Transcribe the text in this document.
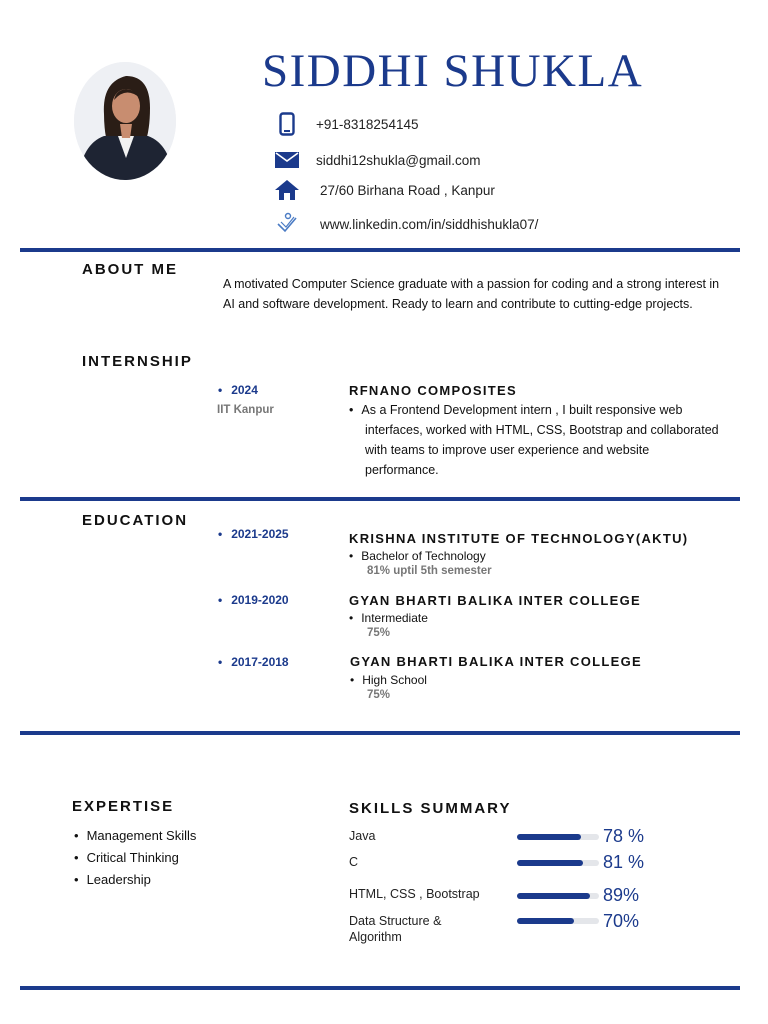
SIDDHI SHUKLA
+91-8318254145
siddhi12shukla@gmail.com
27/60 Birhana Road , Kanpur
www.linkedin.com/in/siddhishukla07/
ABOUT ME
A motivated Computer Science graduate with a passion for coding and a strong interest in
AI and software development. Ready to learn and contribute to cutting-edge projects.
INTERNSHIP
• 2024
IIT Kanpur
RFNANO COMPOSITES
• As a Frontend Development intern , I built responsive web
interfaces, worked with HTML, CSS, Bootstrap and collaborated
with teams to improve user experience and website
performance.
EDUCATION
• 2021-2025	KRISHNA INSTITUTE OF TECHNOLOGY(AKTU)
• Bachelor of Technology
81% uptil 5th semester
• 2019-2020	GYAN BHARTI BALIKA INTER COLLEGE
• Intermediate
75%
• 2017-2018	GYAN BHARTI BALIKA INTER COLLEGE
• High School
75%
EXPERTISE
• Management Skills
• Critical Thinking
• Leadership
SKILLS SUMMARY
Java	78 %
C	81 %
HTML, CSS , Bootstrap	89%
Data Structure &
Algorithm
70%
